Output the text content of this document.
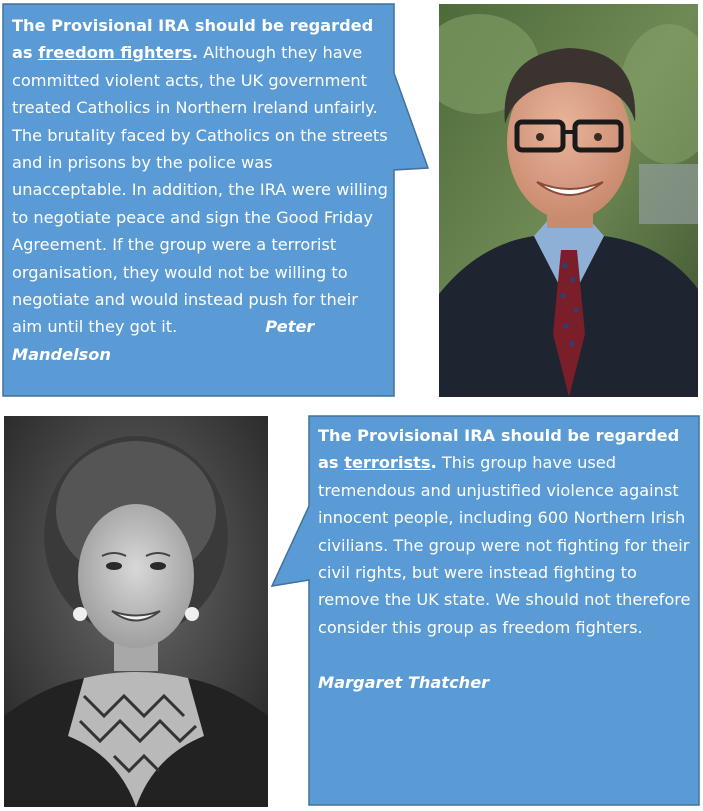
The Provisional IRA should be regarded as freedom fighters. Although they have committed violent acts, the UK government treated Catholics in Northern Ireland unfairly. The brutality faced by Catholics on the streets and in prisons by the police was unacceptable. In addition, the IRA were willing to negotiate peace and sign the Good Friday Agreement. If the group were a terrorist organisation, they would not be willing to negotiate and would instead push for their aim until they got it.	Peter Mandelson

The Provisional IRA should be regarded as terrorists. This group have used tremendous and unjustified violence against innocent people, including 600 Northern Irish civilians. The group were not fighting for their civil rights, but were instead fighting to remove the UK state. We should not therefore consider this group as freedom fighters.

Margaret Thatcher
